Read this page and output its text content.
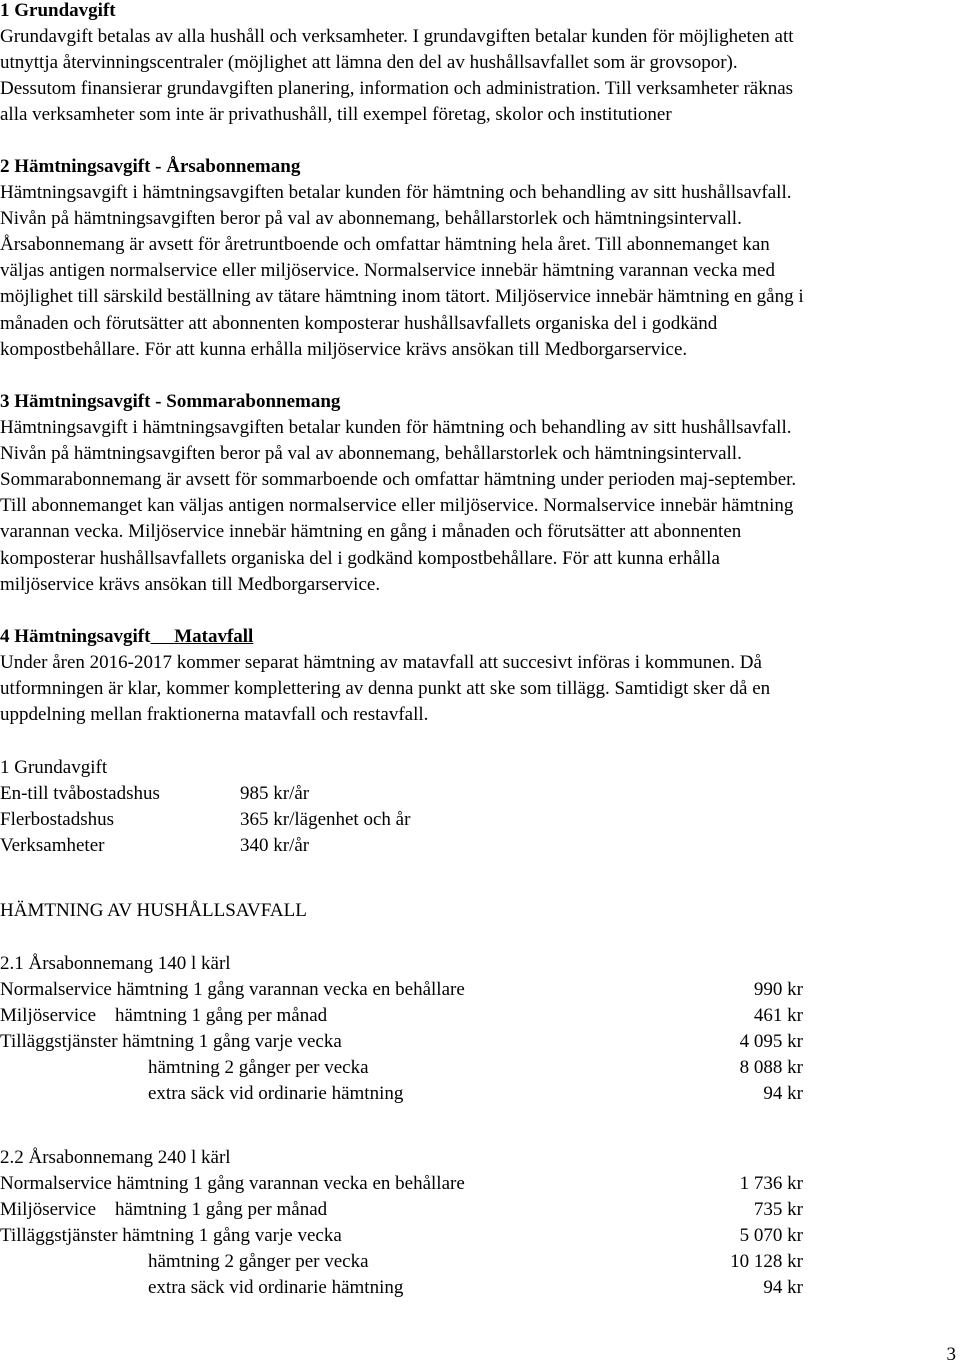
1 Grundavgift
Grundavgift betalas av alla hushåll och verksamheter. I grundavgiften betalar kunden för möjligheten att
utnyttja återvinningscentraler (möjlighet att lämna den del av hushållsavfallet som är grovsopor).
Dessutom finansierar grundavgiften planering, information och administration. Till verksamheter räknas
alla verksamheter som inte är privathushåll, till exempel företag, skolor och institutioner
2 Hämtningsavgift - Årsabonnemang
Hämtningsavgift i hämtningsavgiften betalar kunden för hämtning och behandling av sitt hushållsavfall.
Nivån på hämtningsavgiften beror på val av abonnemang, behållarstorlek och hämtningsintervall.
Årsabonnemang är avsett för åretruntboende och omfattar hämtning hela året. Till abonnemanget kan
väljas antigen normalservice eller miljöservice. Normalservice innebär hämtning varannan vecka med
möjlighet till särskild beställning av tätare hämtning inom tätort. Miljöservice innebär hämtning en gång i
månaden och förutsätter att abonnenten komposterar hushållsavfallets organiska del i godkänd
kompostbehållare. För att kunna erhålla miljöservice krävs ansökan till Medborgarservice.
3 Hämtningsavgift - Sommarabonnemang
Hämtningsavgift i hämtningsavgiften betalar kunden för hämtning och behandling av sitt hushållsavfall.
Nivån på hämtningsavgiften beror på val av abonnemang, behållarstorlek och hämtningsintervall.
Sommarabonnemang är avsett för sommarboende och omfattar hämtning under perioden maj-september.
Till abonnemanget kan väljas antigen normalservice eller miljöservice. Normalservice innebär hämtning
varannan vecka. Miljöservice innebär hämtning en gång i månaden och förutsätter att abonnenten
komposterar hushållsavfallets organiska del i godkänd kompostbehållare. För att kunna erhålla
miljöservice krävs ansökan till Medborgarservice.
4 Hämtningsavgift Matavfall
Under åren 2016-2017 kommer separat hämtning av matavfall att succesivt införas i kommunen. Då
utformningen är klar, kommer komplettering av denna punkt att ske som tillägg. Samtidigt sker då en
uppdelning mellan fraktionerna matavfall och restavfall.
1 Grundavgift
En-till tvåbostadshus	985 kr/år
Flerbostadshus	365 kr/lägenhet och år
Verksamheter	340 kr/år
HÄMTNING AV HUSHÅLLSAVFALL
2.1 Årsabonnemang 140 l kärl
Normalservice hämtning 1 gång varannan vecka en behållare	990 kr
Miljöservice    hämtning 1 gång per månad	461 kr
Tilläggstjänster hämtning 1 gång varje vecka	4 095 kr
hämtning 2 gånger per vecka	8 088 kr
extra säck vid ordinarie hämtning	94 kr
2.2 Årsabonnemang 240 l kärl
Normalservice hämtning 1 gång varannan vecka en behållare	1 736 kr
Miljöservice    hämtning 1 gång per månad	735 kr
Tilläggstjänster hämtning 1 gång varje vecka	5 070 kr
hämtning 2 gånger per vecka	10 128 kr
extra säck vid ordinarie hämtning	94 kr
3
